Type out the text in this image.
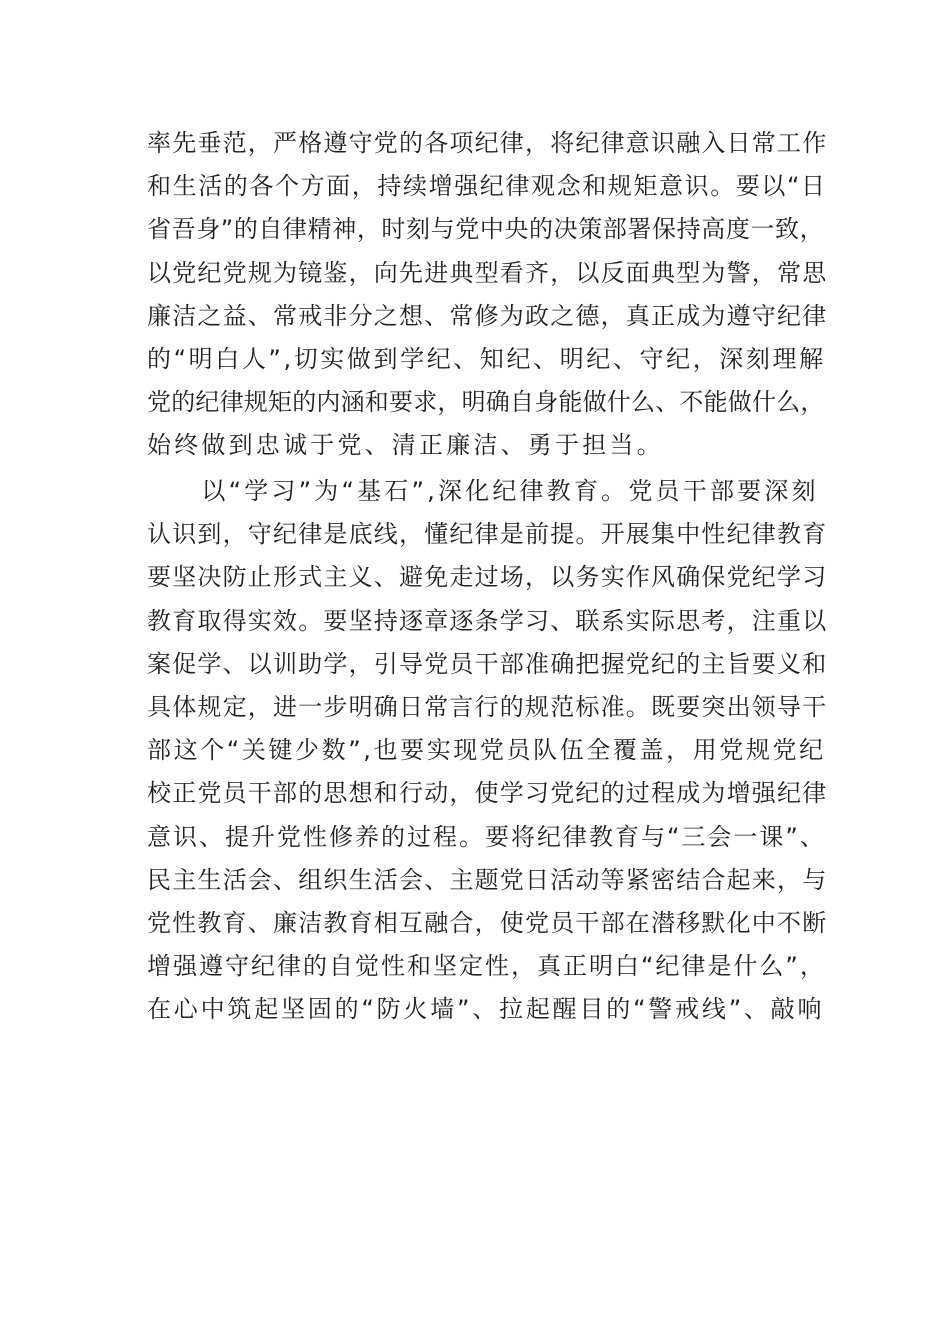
率先垂范，严格遵守党的各项纪律，将纪律意识融入日常工作
和生活的各个方面，持续增强纪律观念和规矩意识。要以“日
省吾身”的自律精神，时刻与党中央的决策部署保持高度一致，
以党纪党规为镜鉴，向先进典型看齐，以反面典型为警，常思
廉洁之益、常戒非分之想、常修为政之德，真正成为遵守纪律
的“明白人”,切实做到学纪、知纪、明纪、守纪，深刻理解
党的纪律规矩的内涵和要求，明确自身能做什么、不能做什么，
始终做到忠诚于党、清正廉洁、勇于担当。
　　以“学习”为“基石”,深化纪律教育。党员干部要深刻
认识到，守纪律是底线，懂纪律是前提。开展集中性纪律教育
要坚决防止形式主义、避免走过场，以务实作风确保党纪学习
教育取得实效。要坚持逐章逐条学习、联系实际思考，注重以
案促学、以训助学，引导党员干部准确把握党纪的主旨要义和
具体规定，进一步明确日常言行的规范标准。既要突出领导干
部这个“关键少数”,也要实现党员队伍全覆盖，用党规党纪
校正党员干部的思想和行动，使学习党纪的过程成为增强纪律
意识、提升党性修养的过程。要将纪律教育与“三会一课”、
民主生活会、组织生活会、主题党日活动等紧密结合起来，与
党性教育、廉洁教育相互融合，使党员干部在潜移默化中不断
增强遵守纪律的自觉性和坚定性，真正明白“纪律是什么”，
在心中筑起坚固的“防火墙”、拉起醒目的“警戒线”、敲响
